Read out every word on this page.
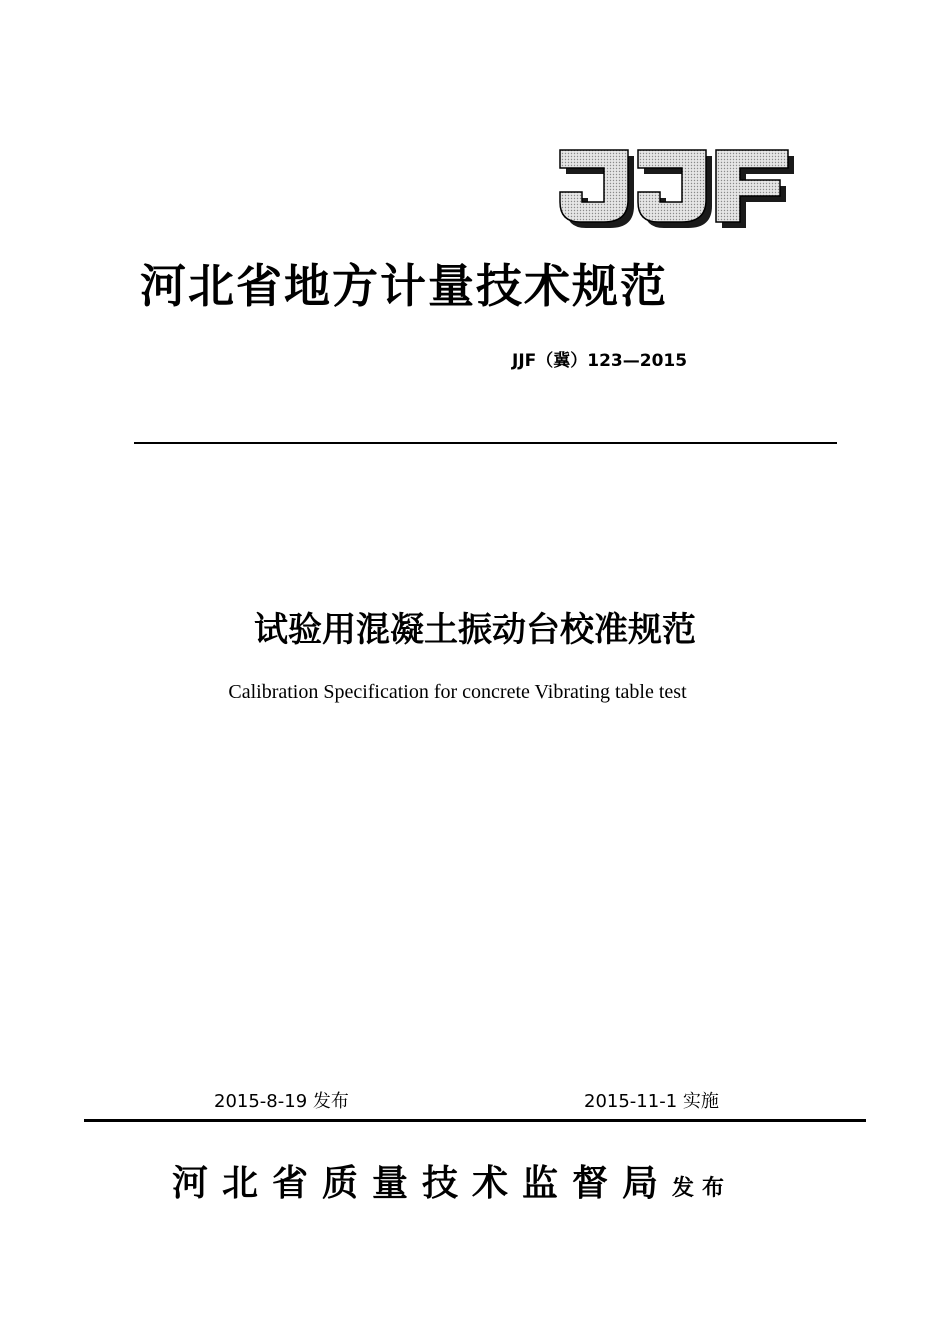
河北省地方计量技术规范
JJF（冀）123—2015
试验用混凝土振动台校准规范
Calibration Specification for concrete Vibrating table test
2015-8-19 发布	2015-11-1 实施
河北省质量技术监督局发布
